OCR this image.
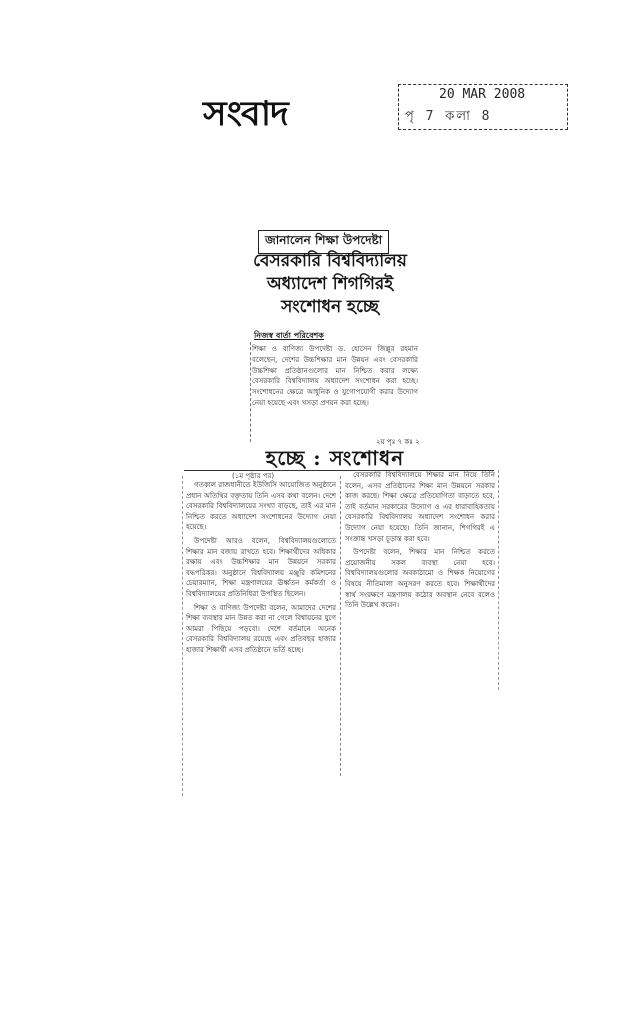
সংবাদ	20 MAR 2008
পৃ 7 কলা 8
জানালেন শিক্ষা উপদেষ্টা
বেসরকারি বিশ্ববিদ্যালয়
অধ্যাদেশ শিগগিরই
সংশোধন হচ্ছে
নিজস্ব বার্তা পরিবেশক
শিক্ষা ও বাণিজ্য উপদেষ্টা ড. হোসেন জিল্লুর রহমান বলেছেন, দেশের উচ্চশিক্ষার মান উন্নয়ন এবং বেসরকারি উচ্চশিক্ষা প্রতিষ্ঠানগুলোর মান নিশ্চিত করার লক্ষ্যে বেসরকারি বিশ্ববিদ্যালয় অধ্যাদেশ সংশোধন করা হচ্ছে। সংশোধনের ক্ষেত্রে আধুনিক ও যুগোপযোগী করার উদ্যোগ নেয়া হয়েছে এবং খসড়া প্রণয়ন করা হচ্ছে।
২য় পৃঃ ৭ কঃ ২
হচ্ছে : সংশোধন
(১ম পৃষ্ঠার পর)

গতকাল রাজধানীতে ইউজিসি আয়োজিত অনুষ্ঠানে প্রধান অতিথির বক্তৃতায় তিনি এসব কথা বলেন। দেশে বেসরকারি বিশ্ববিদ্যালয়ের সংখ্যা বাড়ছে, তাই এর মান নিশ্চিত করতে অধ্যাদেশ সংশোধনের উদ্যোগ নেয়া হয়েছে।

উপদেষ্টা আরও বলেন, বিশ্ববিদ্যালয়গুলোতে শিক্ষার মান বজায় রাখতে হবে। শিক্ষার্থীদের অধিকার রক্ষায় এবং উচ্চশিক্ষার মান উন্নয়নে সরকার বদ্ধপরিকর। অনুষ্ঠানে বিশ্ববিদ্যালয় মঞ্জুরি কমিশনের চেয়ারম্যান, শিক্ষা মন্ত্রণালয়ের ঊর্ধ্বতন কর্মকর্তা ও বিশ্ববিদ্যালয়ের প্রতিনিধিরা উপস্থিত ছিলেন।

শিক্ষা ও বাণিজ্য উপদেষ্টা বলেন, আমাদের দেশের শিক্ষা ব্যবস্থার মান উন্নত করা না গেলে বিশ্বায়নের যুগে আমরা পিছিয়ে পড়বো। দেশে বর্তমানে অনেক বেসরকারি বিশ্ববিদ্যালয় রয়েছে এবং প্রতিবছর হাজার হাজার শিক্ষার্থী এসব প্রতিষ্ঠানে ভর্তি হচ্ছে।

বেসরকারি বিশ্ববিদ্যালয়ে শিক্ষার মান নিয়ে তিনি বলেন, এসব প্রতিষ্ঠানের শিক্ষা মান উন্নয়নে সরকার কাজ করছে। শিক্ষা ক্ষেত্রে প্রতিযোগিতা বাড়াতে হবে, তাই বর্তমান সরকারের উদ্যোগ ও এর ধারাবাহিকতায় বেসরকারি বিশ্ববিদ্যালয় অধ্যাদেশ সংশোধন করার উদ্যোগ নেয়া হয়েছে। তিনি জানান, শিগগিরই এ সংক্রান্ত খসড়া চূড়ান্ত করা হবে।

উপদেষ্টা বলেন, শিক্ষার মান নিশ্চিত করতে প্রয়োজনীয় সকল ব্যবস্থা নেয়া হবে। বিশ্ববিদ্যালয়গুলোর অবকাঠামো ও শিক্ষক নিয়োগের বিষয়ে নীতিমালা অনুসরণ করতে হবে। শিক্ষার্থীদের স্বার্থ সংরক্ষণে মন্ত্রণালয় কঠোর অবস্থান নেবে বলেও তিনি উল্লেখ করেন।
